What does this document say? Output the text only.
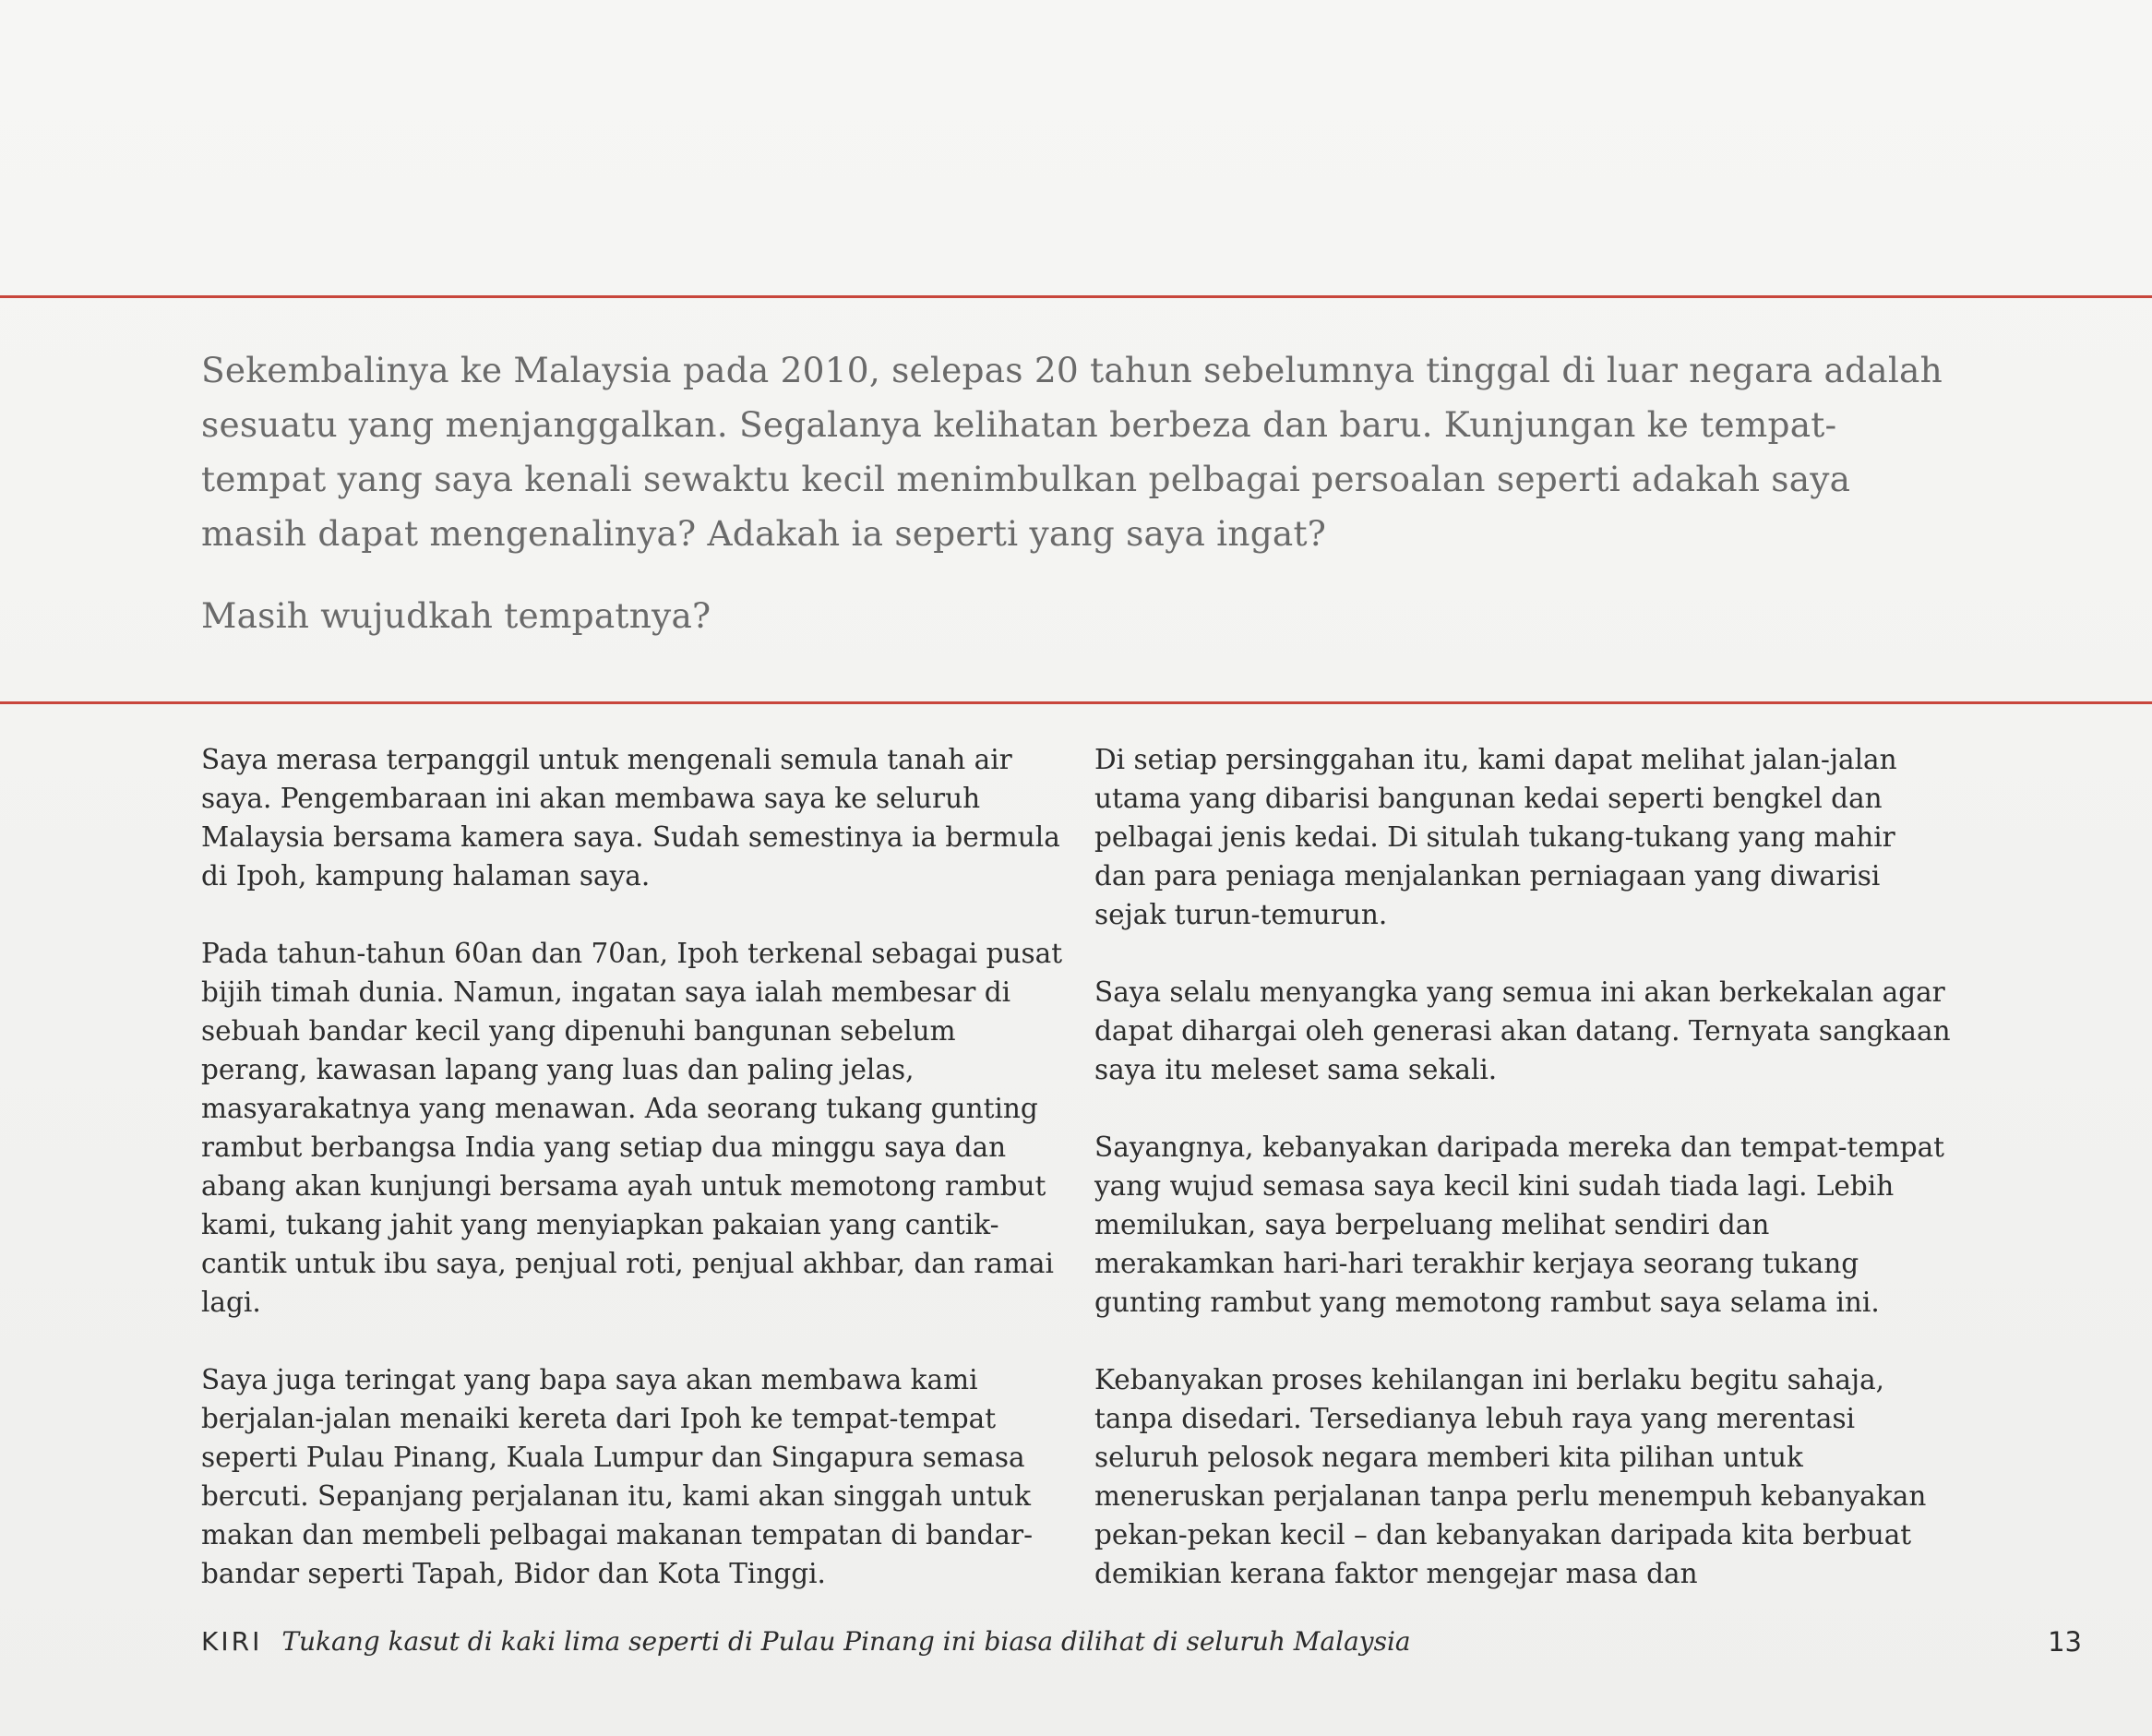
Sekembalinya ke Malaysia pada 2010, selepas 20 tahun sebelumnya tinggal di luar negara adalah sesuatu yang menjanggalkan. Segalanya kelihatan berbeza dan baru. Kunjungan ke tempat-tempat yang saya kenali sewaktu kecil menimbulkan pelbagai persoalan seperti adakah saya masih dapat mengenalinya? Adakah ia seperti yang saya ingat?

Masih wujudkah tempatnya?

Saya merasa terpanggil untuk mengenali semula tanah air saya. Pengembaraan ini akan membawa saya ke seluruh Malaysia bersama kamera saya. Sudah semestinya ia bermula di Ipoh, kampung halaman saya.

Pada tahun-tahun 60an dan 70an, Ipoh terkenal sebagai pusat bijih timah dunia. Namun, ingatan saya ialah membesar di sebuah bandar kecil yang dipenuhi bangunan sebelum perang, kawasan lapang yang luas dan paling jelas, masyarakatnya yang menawan. Ada seorang tukang gunting rambut berbangsa India yang setiap dua minggu saya dan abang akan kunjungi bersama ayah untuk memotong rambut kami, tukang jahit yang menyiapkan pakaian yang cantik-cantik untuk ibu saya, penjual roti, penjual akhbar, dan ramai lagi.

Saya juga teringat yang bapa saya akan membawa kami berjalan-jalan menaiki kereta dari Ipoh ke tempat-tempat seperti Pulau Pinang, Kuala Lumpur dan Singapura semasa bercuti. Sepanjang perjalanan itu, kami akan singgah untuk makan dan membeli pelbagai makanan tempatan di bandar-bandar seperti Tapah, Bidor dan Kota Tinggi.

Di setiap persinggahan itu, kami dapat melihat jalan-jalan utama yang dibarisi bangunan kedai seperti bengkel dan pelbagai jenis kedai. Di situlah tukang-tukang yang mahir dan para peniaga menjalankan perniagaan yang diwarisi sejak turun-temurun.

Saya selalu menyangka yang semua ini akan berkekalan agar dapat dihargai oleh generasi akan datang. Ternyata sangkaan saya itu meleset sama sekali.

Sayangnya, kebanyakan daripada mereka dan tempat-tempat yang wujud semasa saya kecil kini sudah tiada lagi. Lebih memilukan, saya berpeluang melihat sendiri dan merakamkan hari-hari terakhir kerjaya seorang tukang gunting rambut yang memotong rambut saya selama ini.

Kebanyakan proses kehilangan ini berlaku begitu sahaja, tanpa disedari. Tersedianya lebuh raya yang merentasi seluruh pelosok negara memberi kita pilihan untuk meneruskan perjalanan tanpa perlu menempuh kebanyakan pekan-pekan kecil – dan kebanyakan daripada kita berbuat demikian kerana faktor mengejar masa dan

KIRI Tukang kasut di kaki lima seperti di Pulau Pinang ini biasa dilihat di seluruh Malaysia	13
